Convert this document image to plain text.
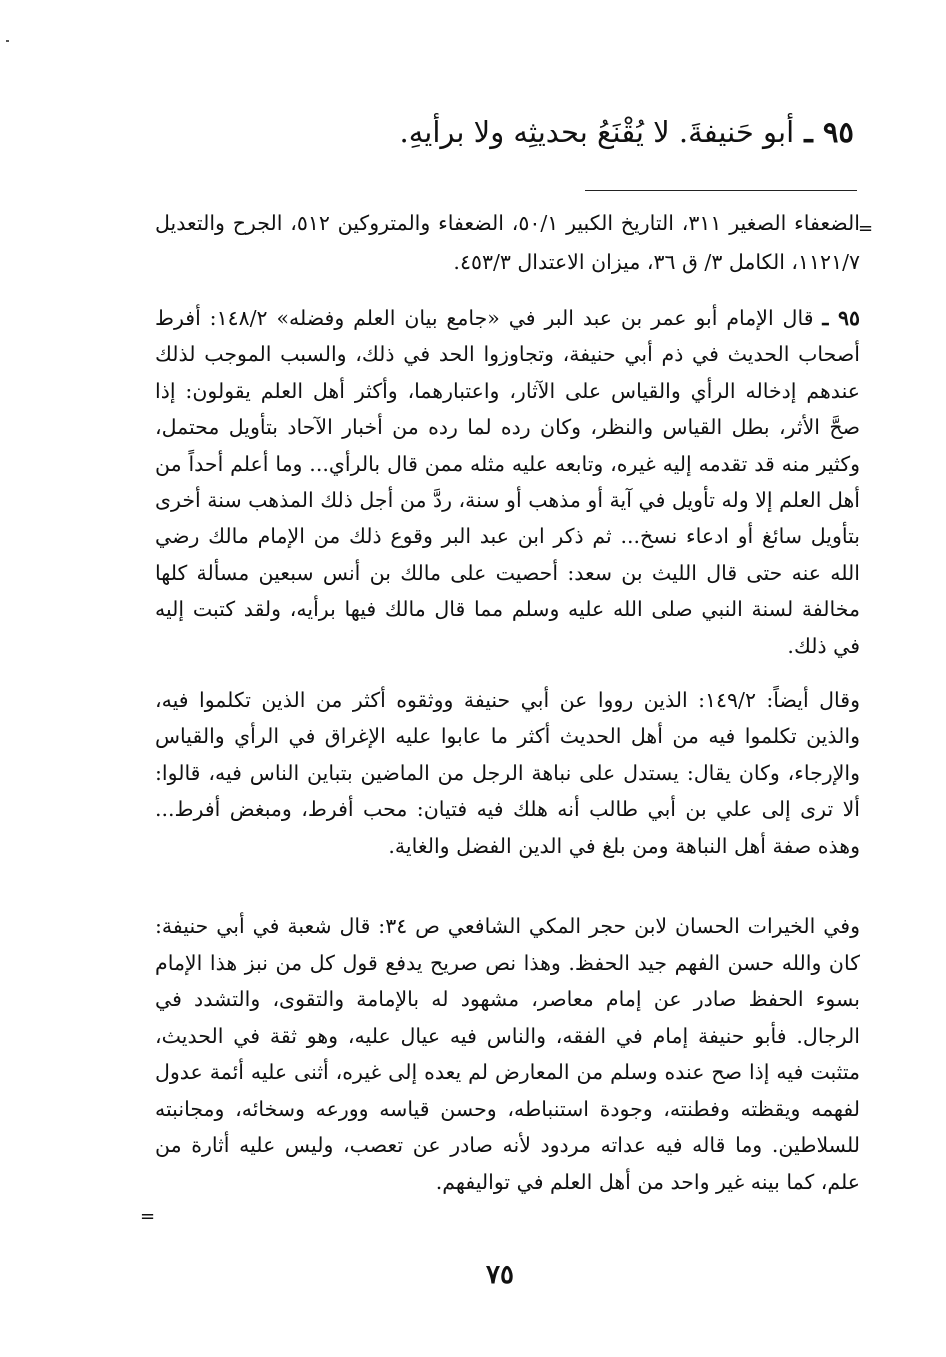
٩٥ ـ أبو حَنيفةَ. لا يُقْنَعُ بحديثِه ولا برأيهِ.
=
الضعفاء الصغير ٣١١، التاريخ الكبير ٥٠/١، الضعفاء والمتروكين ٥١٢، الجرح والتعديل ١١٢١/٧، الكامل ٣/ ق ٣٦، ميزان الاعتدال ٤٥٣/٣.
٩٥ ـ قال الإمام أبو عمر بن عبد البر في «جامع بيان العلم وفضله» ١٤٨/٢: أفرط أصحاب الحديث في ذم أبي حنيفة، وتجاوزوا الحد في ذلك، والسبب الموجب لذلك عندهم إدخاله الرأي والقياس على الآثار، واعتبارهما، وأكثر أهل العلم يقولون: إذا صحَّ الأثر، بطل القياس والنظر، وكان رده لما رده من أخبار الآحاد بتأويل محتمل، وكثير منه قد تقدمه إليه غيره، وتابعه عليه مثله ممن قال بالرأي... وما أعلم أحداً من أهل العلم إلا وله تأويل في آية أو مذهب أو سنة، ردَّ من أجل ذلك المذهب سنة أخرى بتأويل سائغ أو ادعاء نسخ... ثم ذكر ابن عبد البر وقوع ذلك من الإمام مالك رضي الله عنه حتى قال الليث بن سعد: أحصيت على مالك بن أنس سبعين مسألة كلها مخالفة لسنة النبي صلى الله عليه وسلم مما قال مالك فيها برأيه، ولقد كتبت إليه في ذلك.
وقال أيضاً: ١٤٩/٢: الذين رووا عن أبي حنيفة ووثقوه أكثر من الذين تكلموا فيه، والذين تكلموا فيه من أهل الحديث أكثر ما عابوا عليه الإغراق في الرأي والقياس والإرجاء، وكان يقال: يستدل على نباهة الرجل من الماضين بتباين الناس فيه، قالوا: ألا ترى إلى علي بن أبي طالب أنه هلك فيه فتيان: محب أفرط، ومبغض أفرط... وهذه صفة أهل النباهة ومن بلغ في الدين الفضل والغاية.
وفي الخيرات الحسان لابن حجر المكي الشافعي ص ٣٤: قال شعبة في أبي حنيفة: كان والله حسن الفهم جيد الحفظ. وهذا نص صريح يدفع قول كل من نبز هذا الإمام بسوء الحفظ صادر عن إمام معاصر، مشهود له بالإمامة والتقوى، والتشدد في الرجال. فأبو حنيفة إمام في الفقه، والناس فيه عيال عليه، وهو ثقة في الحديث، متثبت فيه إذا صح عنده وسلم من المعارض لم يعده إلى غيره، أثنى عليه أئمة عدول لفهمه ويقظته وفطنته، وجودة استنباطه، وحسن قياسه وورعه وسخائه، ومجانبته للسلاطين. وما قاله فيه عداته مردود لأنه صادر عن تعصب، وليس عليه أثارة من علم، كما بينه غير واحد من أهل العلم في تواليفهم.
=
٧٥
